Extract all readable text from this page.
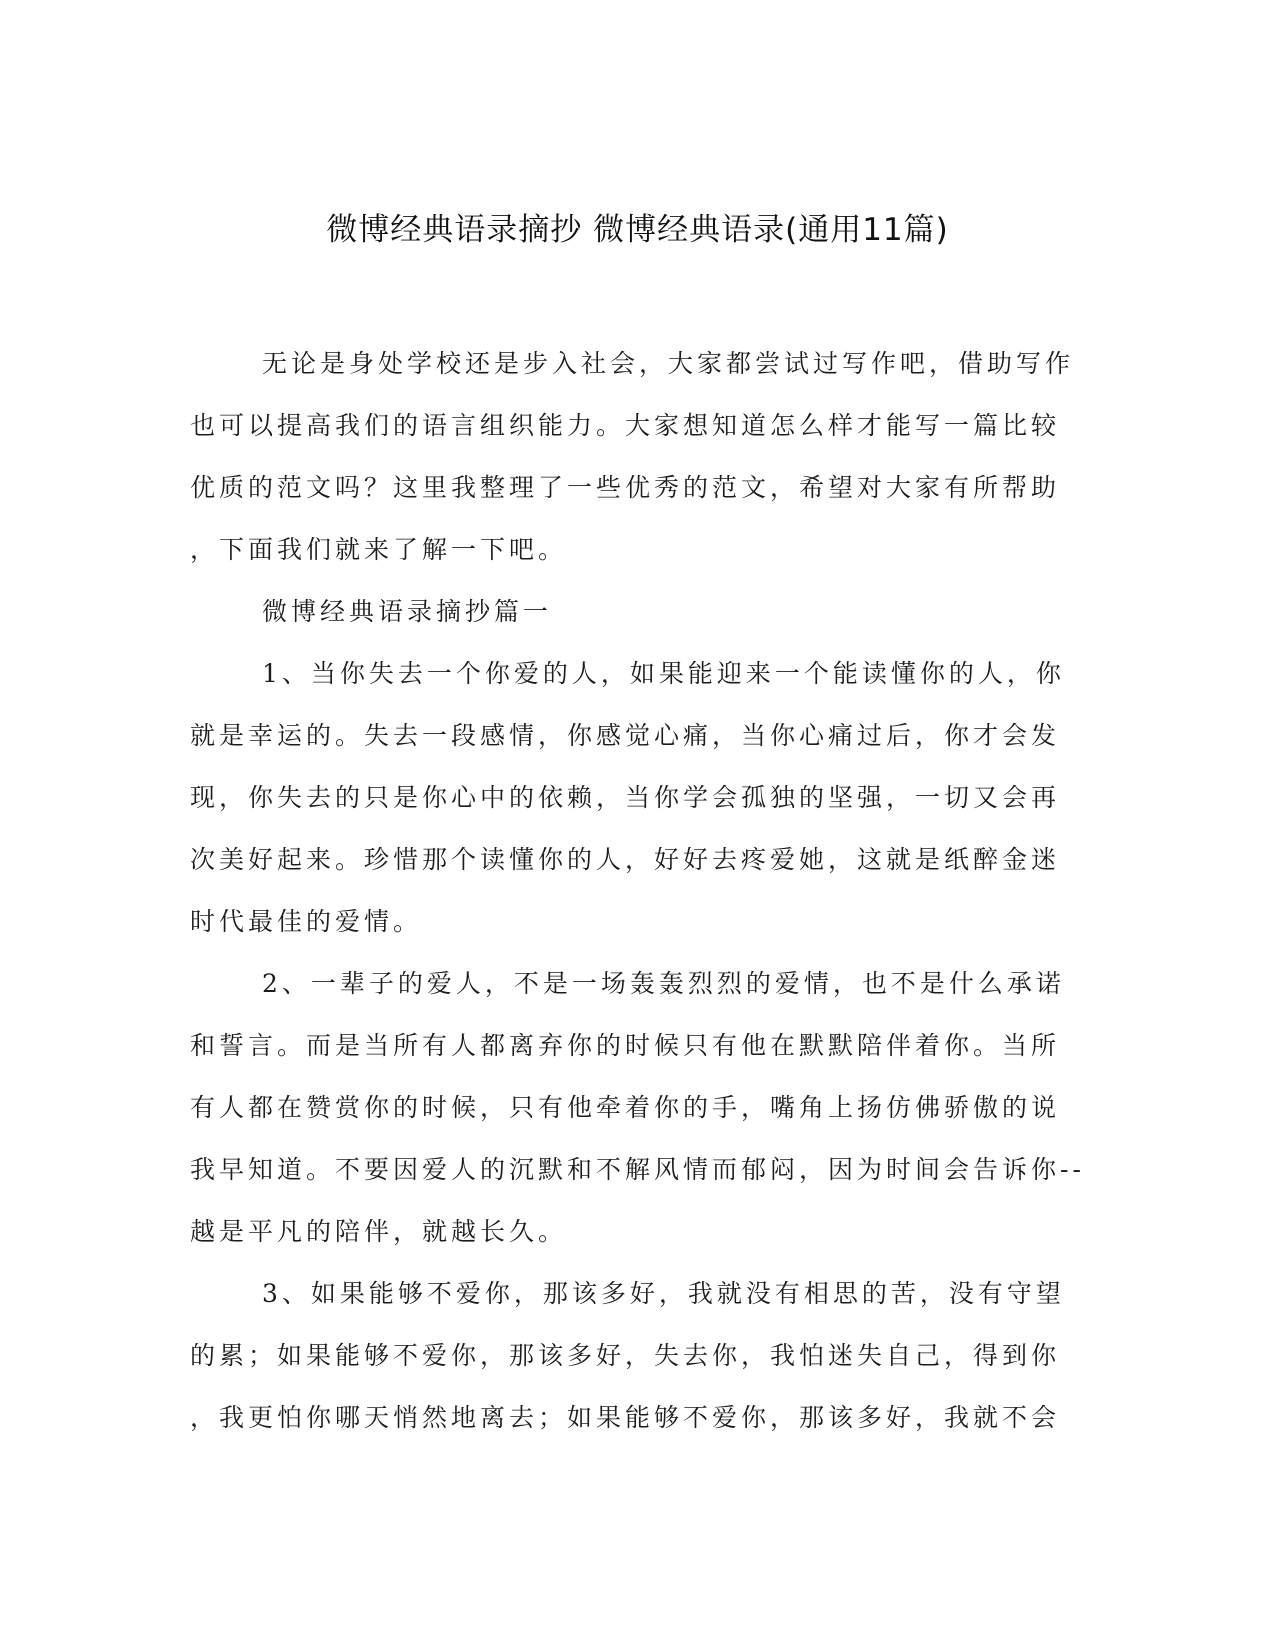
微博经典语录摘抄 微博经典语录(通用11篇)
无论是身处学校还是步入社会，大家都尝试过写作吧，借助写作
也可以提高我们的语言组织能力。大家想知道怎么样才能写一篇比较
优质的范文吗？这里我整理了一些优秀的范文，希望对大家有所帮助
，下面我们就来了解一下吧。
微博经典语录摘抄篇一
1、当你失去一个你爱的人，如果能迎来一个能读懂你的人，你
就是幸运的。失去一段感情，你感觉心痛，当你心痛过后，你才会发
现，你失去的只是你心中的依赖，当你学会孤独的坚强，一切又会再
次美好起来。珍惜那个读懂你的人，好好去疼爱她，这就是纸醉金迷
时代最佳的爱情。
2、一辈子的爱人，不是一场轰轰烈烈的爱情，也不是什么承诺
和誓言。而是当所有人都离弃你的时候只有他在默默陪伴着你。当所
有人都在赞赏你的时候，只有他牵着你的手，嘴角上扬仿佛骄傲的说
我早知道。不要因爱人的沉默和不解风情而郁闷，因为时间会告诉你--
越是平凡的陪伴，就越长久。
3、如果能够不爱你，那该多好，我就没有相思的苦，没有守望
的累；如果能够不爱你，那该多好，失去你，我怕迷失自己，得到你
，我更怕你哪天悄然地离去；如果能够不爱你，那该多好，我就不会
